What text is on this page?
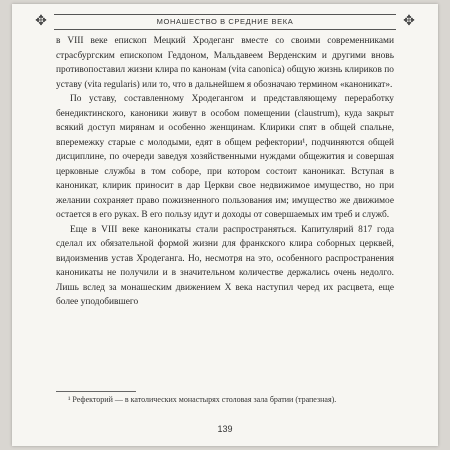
✥	МОНАШЕСТВО В СРЕДНИЕ ВЕКА	✥

в VIII веке епископ Мецкий Хродеганг вместе со своими современниками страсбургским епископом Геддоном, Мальдавеем Верденским и другими вновь противопоставил жизни клира по канонам (vita canonica) общую жизнь клириков по уставу (vita regularis) или то, что в дальнейшем я обозначаю термином «каноникат».

По уставу, составленному Хродегангом и представляющему переработку бенедиктинского, каноники живут в особом помещении (claustrum), куда закрыт всякий доступ мирянам и особенно женщинам. Клирики спят в общей спальне, вперемежку старые с молодыми, едят в общем рефектории¹, подчиняются общей дисциплине, по очереди заведуя хозяйственными нуждами общежития и совершая церковные службы в том соборе, при котором состоит каноникат. Вступая в каноникат, клирик приносит в дар Церкви свое недвижимое имущество, но при желании сохраняет право пожизненного пользования им; имущество же движимое остается в его руках. В его пользу идут и доходы от совершаемых им треб и служб.

Еще в VIII веке каноникаты стали распространяться. Капитулярий 817 года сделал их обязательной формой жизни для франкского клира соборных церквей, видоизменив устав Хродеганга. Но, несмотря на это, особенного распространения каноникаты не получили и в значительном количестве держались очень недолго. Лишь вслед за монашеским движением X века наступил черед их расцвета, еще более уподобившего

¹ Рефекторий — в католических монастырях столовая зала братии (трапезная).
139
